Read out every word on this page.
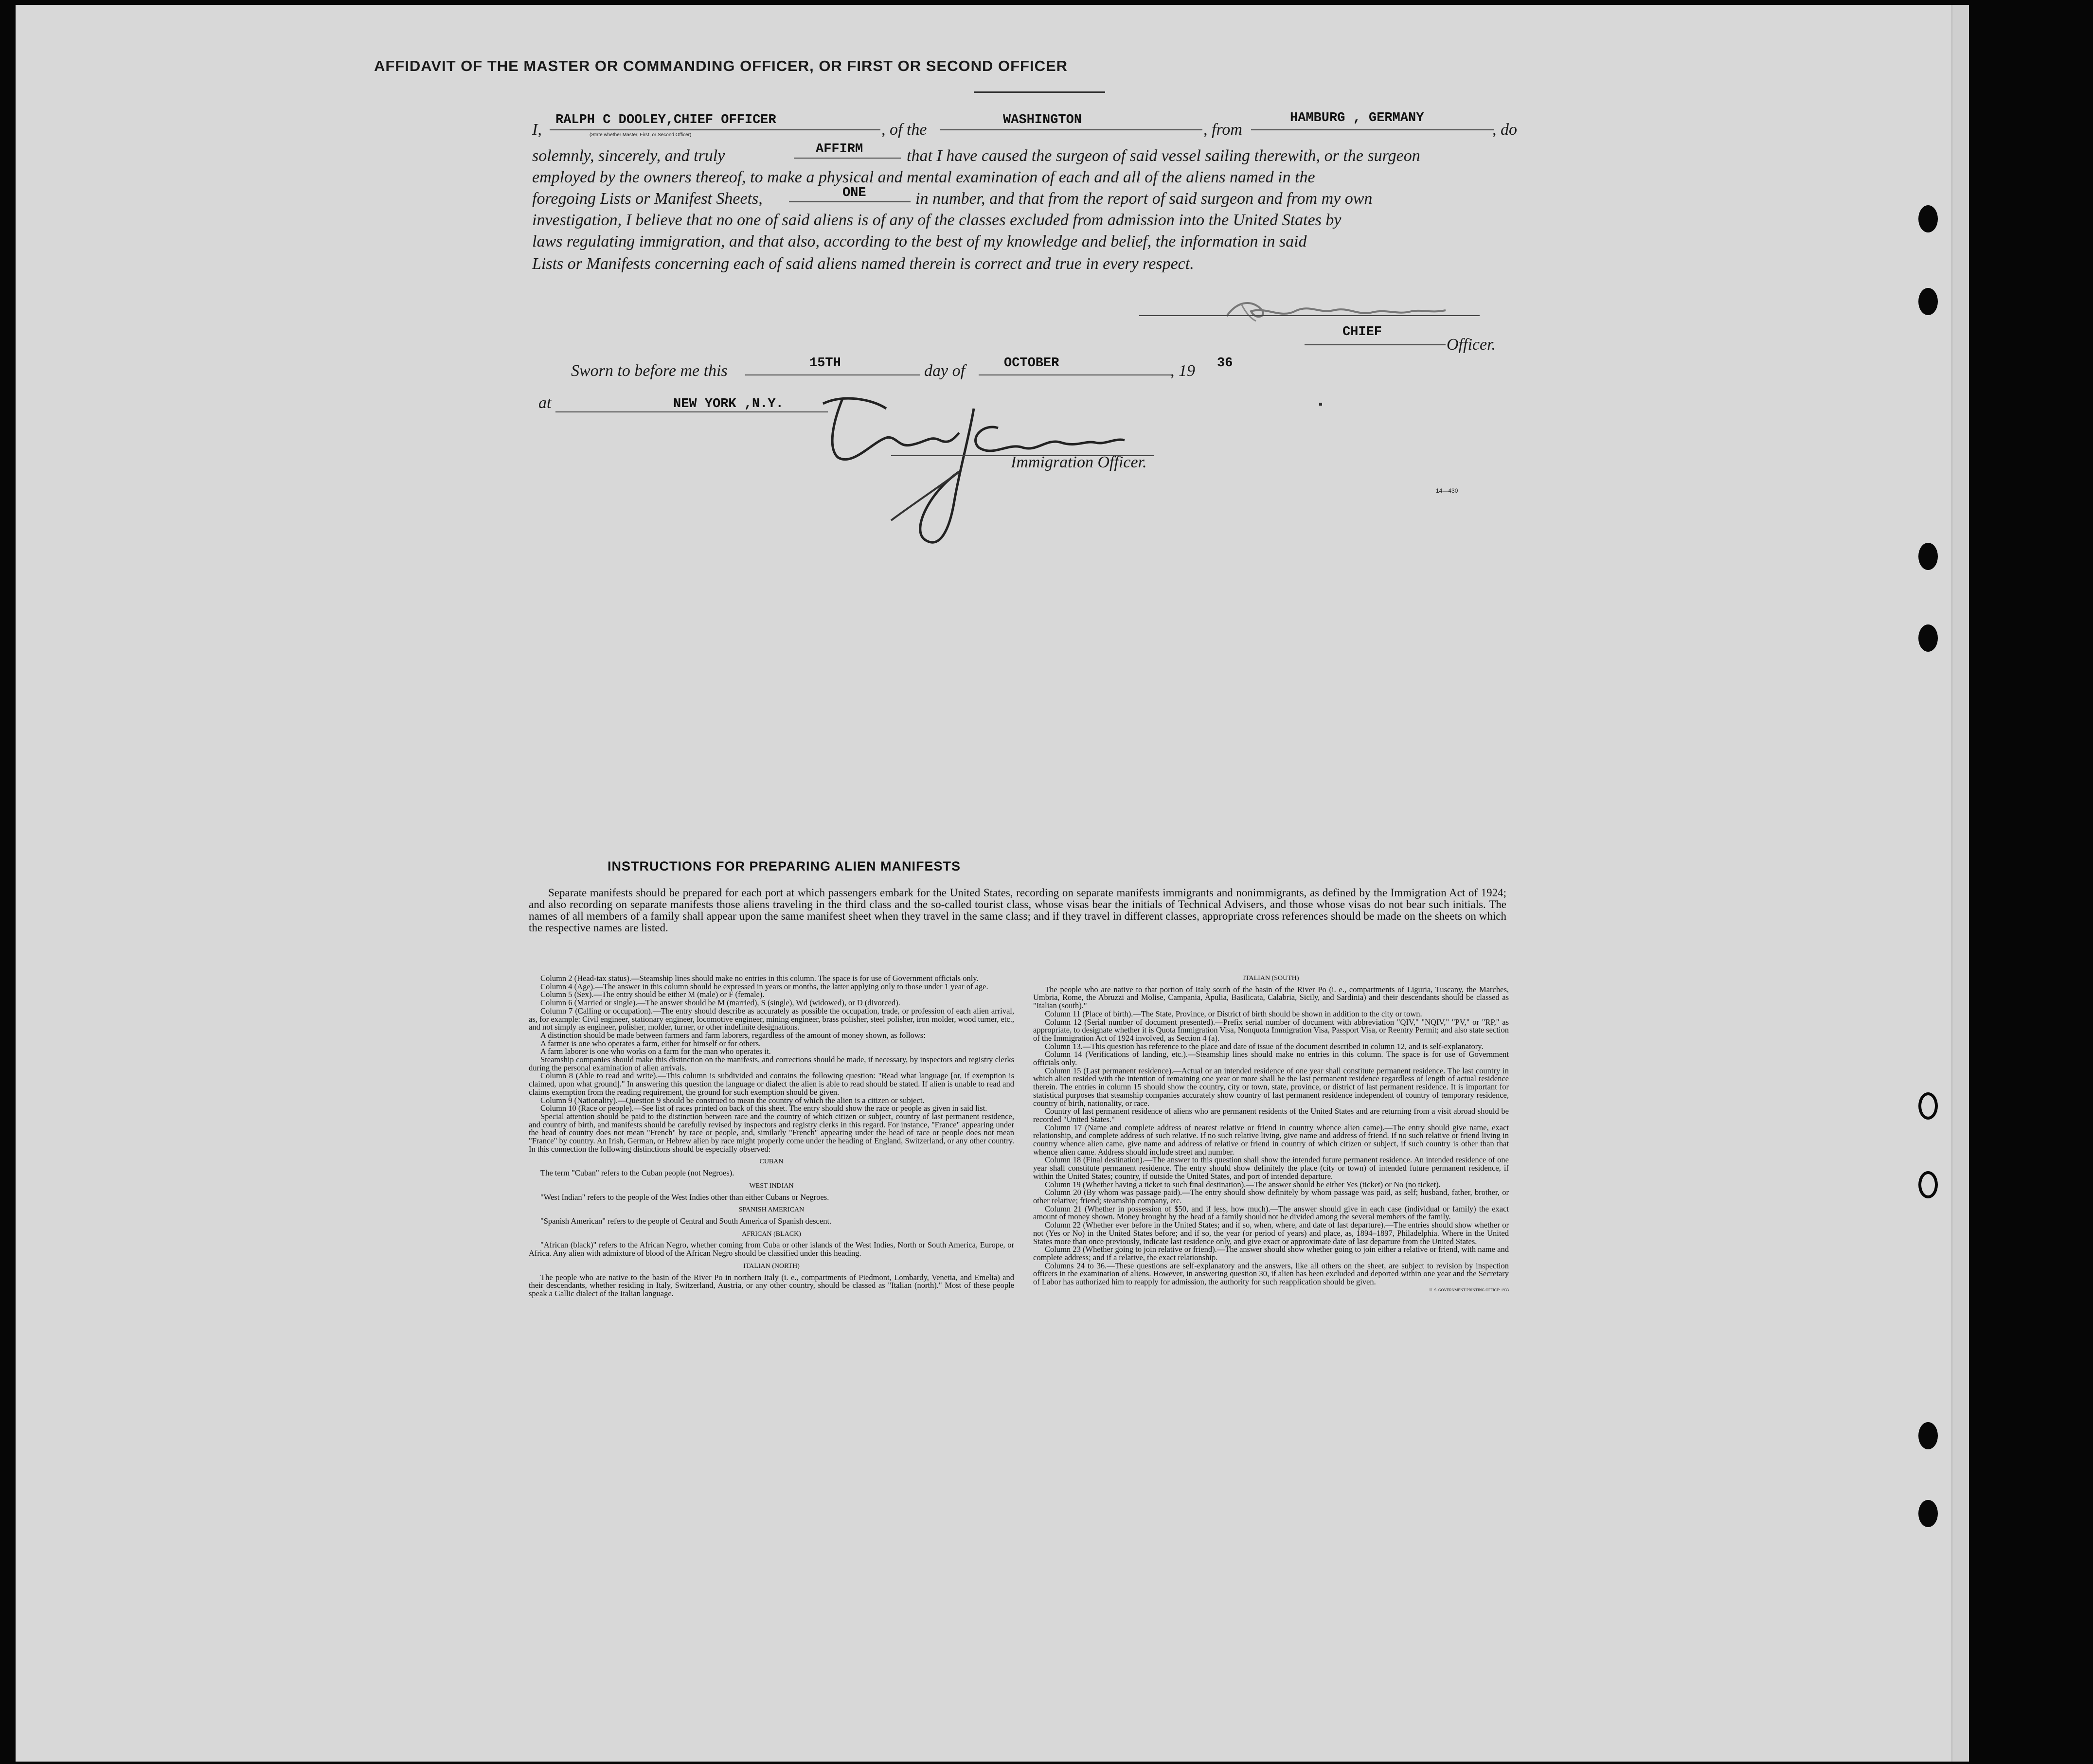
AFFIDAVIT OF THE MASTER OR COMMANDING OFFICER, OR FIRST OR SECOND OFFICER
I,
RALPH C DOOLEY,CHIEF OFFICER
(State whether Master, First, or Second Officer)	, of the
WASHINGTON
, from
HAMBURG , GERMANY
, do
solemnly, sincerely, and truly	AFFIRM	that I have caused the surgeon of said vessel sailing therewith, or the surgeon
employed by the owners thereof, to make a physical and mental examination of each and all of the aliens named in the
foregoing Lists or Manifest Sheets,	ONE	in number, and that from the report of said surgeon and from my own
investigation, I believe that no one of said aliens is of any of the classes excluded from admission into the United States by
laws regulating immigration, and that also, according to the best of my knowledge and belief, the information in said
Lists or Manifests concerning each of said aliens named therein is correct and true in every respect.
CHIEF
Officer.
Sworn to before me this	15TH	day of	OCTOBER	, 19 36
at	NEW YORK ,N.Y.
Immigration Officer.
14—430
INSTRUCTIONS FOR PREPARING ALIEN MANIFESTS

Separate manifests should be prepared for each port at which passengers embark for the United States, recording on separate manifests immigrants and nonimmigrants, as defined by the Immigration Act of 1924; and also recording on separate manifests those aliens traveling in the third class and the so-called tourist class, whose visas bear the initials of Technical Advisers, and those whose visas do not bear such initials. The names of all members of a family shall appear upon the same manifest sheet when they travel in the same class; and if they travel in different classes, appropriate cross references should be made on the sheets on which the respective names are listed.

Column 2 (Head-tax status).—Steamship lines should make no entries in this column. The space is for use of Government officials only.

Column 4 (Age).—The answer in this column should be expressed in years or months, the latter applying only to those under 1 year of age.

Column 5 (Sex).—The entry should be either M (male) or F (female).

Column 6 (Married or single).—The answer should be M (married), S (single), Wd (widowed), or D (divorced).

Column 7 (Calling or occupation).—The entry should describe as accurately as possible the occupation, trade, or profession of each alien arrival, as, for example: Civil engineer, stationary engineer, locomotive engineer, mining engineer, brass polisher, steel polisher, iron molder, wood turner, etc., and not simply as engineer, polisher, molder, turner, or other indefinite designations.

A distinction should be made between farmers and farm laborers, regardless of the amount of money shown, as follows:

A farmer is one who operates a farm, either for himself or for others.

A farm laborer is one who works on a farm for the man who operates it.

Steamship companies should make this distinction on the manifests, and corrections should be made, if necessary, by inspectors and registry clerks during the personal examination of alien arrivals.

Column 8 (Able to read and write).—This column is subdivided and contains the following question: "Read what language [or, if exemption is claimed, upon what ground]." In answering this question the language or dialect the alien is able to read should be stated. If alien is unable to read and claims exemption from the reading requirement, the ground for such exemption should be given.

Column 9 (Nationality).—Question 9 should be construed to mean the country of which the alien is a citizen or subject.

Column 10 (Race or people).—See list of races printed on back of this sheet. The entry should show the race or people as given in said list.

Special attention should be paid to the distinction between race and the country of which citizen or subject, country of last permanent residence, and country of birth, and manifests should be carefully revised by inspectors and registry clerks in this regard. For instance, "France" appearing under the head of country does not mean "French" by race or people, and, similarly "French" appearing under the head of race or people does not mean "France" by country. An Irish, German, or Hebrew alien by race might properly come under the heading of England, Switzerland, or any other country. In this connection the following distinctions should be especially observed:

CUBAN

The term "Cuban" refers to the Cuban people (not Negroes).

WEST INDIAN

"West Indian" refers to the people of the West Indies other than either Cubans or Negroes.

SPANISH AMERICAN

"Spanish American" refers to the people of Central and South America of Spanish descent.

AFRICAN (BLACK)

"African (black)" refers to the African Negro, whether coming from Cuba or other islands of the West Indies, North or South America, Europe, or Africa. Any alien with admixture of blood of the African Negro should be classified under this heading.

ITALIAN (NORTH)

The people who are native to the basin of the River Po in northern Italy (i. e., compartments of Piedmont, Lombardy, Venetia, and Emelia) and their descendants, whether residing in Italy, Switzerland, Austria, or any other country, should be classed as "Italian (north)." Most of these people speak a Gallic dialect of the Italian language.

ITALIAN (SOUTH)

The people who are native to that portion of Italy south of the basin of the River Po (i. e., compartments of Liguria, Tuscany, the Marches, Umbria, Rome, the Abruzzi and Molise, Campania, Apulia, Basilicata, Calabria, Sicily, and Sardinia) and their descendants should be classed as "Italian (south)."

Column 11 (Place of birth).—The State, Province, or District of birth should be shown in addition to the city or town.

Column 12 (Serial number of document presented).—Prefix serial number of document with abbreviation "QIV," "NQIV," "PV," or "RP," as appropriate, to designate whether it is Quota Immigration Visa, Nonquota Immigration Visa, Passport Visa, or Reentry Permit; and also state section of the Immigration Act of 1924 involved, as Section 4 (a).

Column 13.—This question has reference to the place and date of issue of the document described in column 12, and is self-explanatory.

Column 14 (Verifications of landing, etc.).—Steamship lines should make no entries in this column. The space is for use of Government officials only.

Column 15 (Last permanent residence).—Actual or an intended residence of one year shall constitute permanent residence. The last country in which alien resided with the intention of remaining one year or more shall be the last permanent residence regardless of length of actual residence therein. The entries in column 15 should show the country, city or town, state, province, or district of last permanent residence. It is important for statistical purposes that steamship companies accurately show country of last permanent residence independent of country of temporary residence, country of birth, nationality, or race.

Country of last permanent residence of aliens who are permanent residents of the United States and are returning from a visit abroad should be recorded "United States."

Column 17 (Name and complete address of nearest relative or friend in country whence alien came).—The entry should give name, exact relationship, and complete address of such relative. If no such relative living, give name and address of friend. If no such relative or friend living in country whence alien came, give name and address of relative or friend in country of which citizen or subject, if such country is other than that whence alien came. Address should include street and number.

Column 18 (Final destination).—The answer to this question shall show the intended future permanent residence. An intended residence of one year shall constitute permanent residence. The entry should show definitely the place (city or town) of intended future permanent residence, if within the United States; country, if outside the United States, and port of intended departure.

Column 19 (Whether having a ticket to such final destination).—The answer should be either Yes (ticket) or No (no ticket).

Column 20 (By whom was passage paid).—The entry should show definitely by whom passage was paid, as self; husband, father, brother, or other relative; friend; steamship company, etc.

Column 21 (Whether in possession of $50, and if less, how much).—The answer should give in each case (individual or family) the exact amount of money shown. Money brought by the head of a family should not be divided among the several members of the family.

Column 22 (Whether ever before in the United States; and if so, when, where, and date of last departure).—The entries should show whether or not (Yes or No) in the United States before; and if so, the year (or period of years) and place, as, 1894–1897, Philadelphia. Where in the United States more than once previously, indicate last residence only, and give exact or approximate date of last departure from the United States.

Column 23 (Whether going to join relative or friend).—The answer should show whether going to join either a relative or friend, with name and complete address; and if a relative, the exact relationship.

Columns 24 to 36.—These questions are self-explanatory and the answers, like all others on the sheet, are subject to revision by inspection officers in the examination of aliens. However, in answering question 30, if alien has been excluded and deported within one year and the Secretary of Labor has authorized him to reapply for admission, the authority for such reapplication should be given.

U. S. GOVERNMENT PRINTING OFFICE: 1933
